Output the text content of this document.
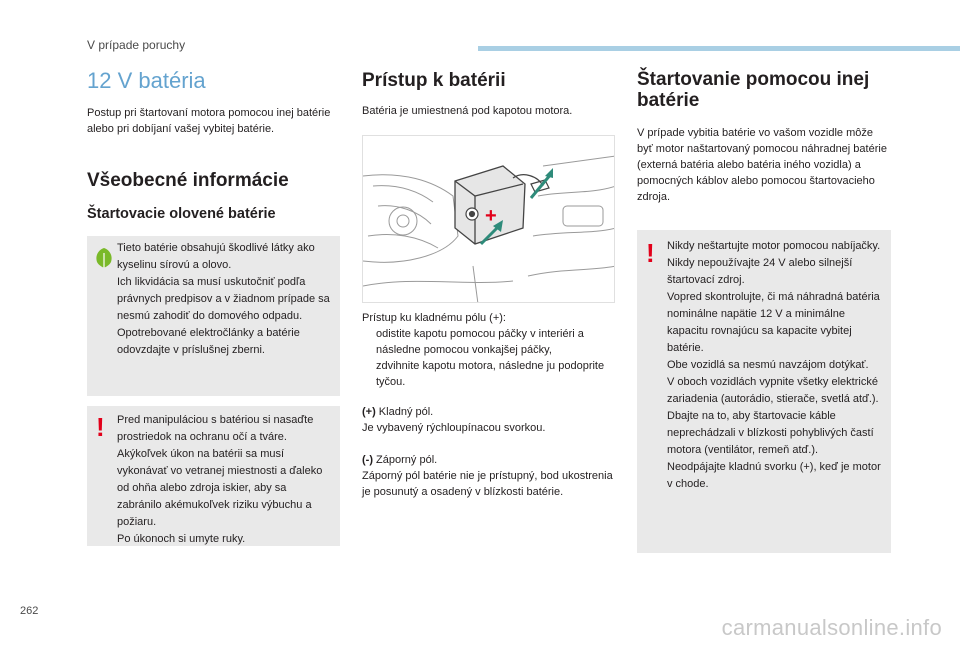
V prípade poruchy
12 V batéria
Postup pri štartovaní motora pomocou inej batérie alebo pri dobíjaní vašej vybitej batérie.
Všeobecné informácie
Štartovacie olovené batérie
Tieto batérie obsahujú škodlivé látky ako kyselinu sírovú a olovo.
Ich likvidácia sa musí uskutočniť podľa právnych predpisov a v žiadnom prípade sa nesmú zahodiť do domového odpadu.
Opotrebované elektročlánky a batérie odovzdajte v príslušnej zberni.
! Pred manipuláciou s batériou si nasaďte prostriedok na ochranu očí a tváre.
Akýkoľvek úkon na batérii sa musí vykonávať vo vetranej miestnosti a ďaleko od ohňa alebo zdroja iskier, aby sa zabránilo akémukoľvek riziku výbuchu a požiaru.
Po úkonoch si umyte ruky.
Prístup k batérii
Batéria je umiestnená pod kapotou motora.
+
Prístup ku kladnému pólu (+):
odistite kapotu pomocou páčky v interiéri a následne pomocou vonkajšej páčky,
zdvihnite kapotu motora, následne ju podoprite tyčou.
(+) Kladný pól.
Je vybavený rýchloupínacou svorkou.
(-) Záporný pól.
Záporný pól batérie nie je prístupný, bod ukostrenia je posunutý a osadený v blízkosti batérie.
Štartovanie pomocou inej batérie
V prípade vybitia batérie vo vašom vozidle môže byť motor naštartovaný pomocou náhradnej batérie (externá batéria alebo batéria iného vozidla) a pomocných káblov alebo pomocou štartovacieho zdroja.
! Nikdy neštartujte motor pomocou nabíjačky.
Nikdy nepoužívajte 24 V alebo silnejší štartovací zdroj.
Vopred skontrolujte, či má náhradná batéria nominálne napätie 12 V a minimálne kapacitu rovnajúcu sa kapacite vybitej batérie.
Obe vozidlá sa nesmú navzájom dotýkať.
V oboch vozidlách vypnite všetky elektrické zariadenia (autorádio, stierače, svetlá atď.).
Dbajte na to, aby štartovacie káble neprechádzali v blízkosti pohyblivých častí motora (ventilátor, remeň atď.).
Neodpájajte kladnú svorku (+), keď je motor v chode.
262
carmanualsonline.info
